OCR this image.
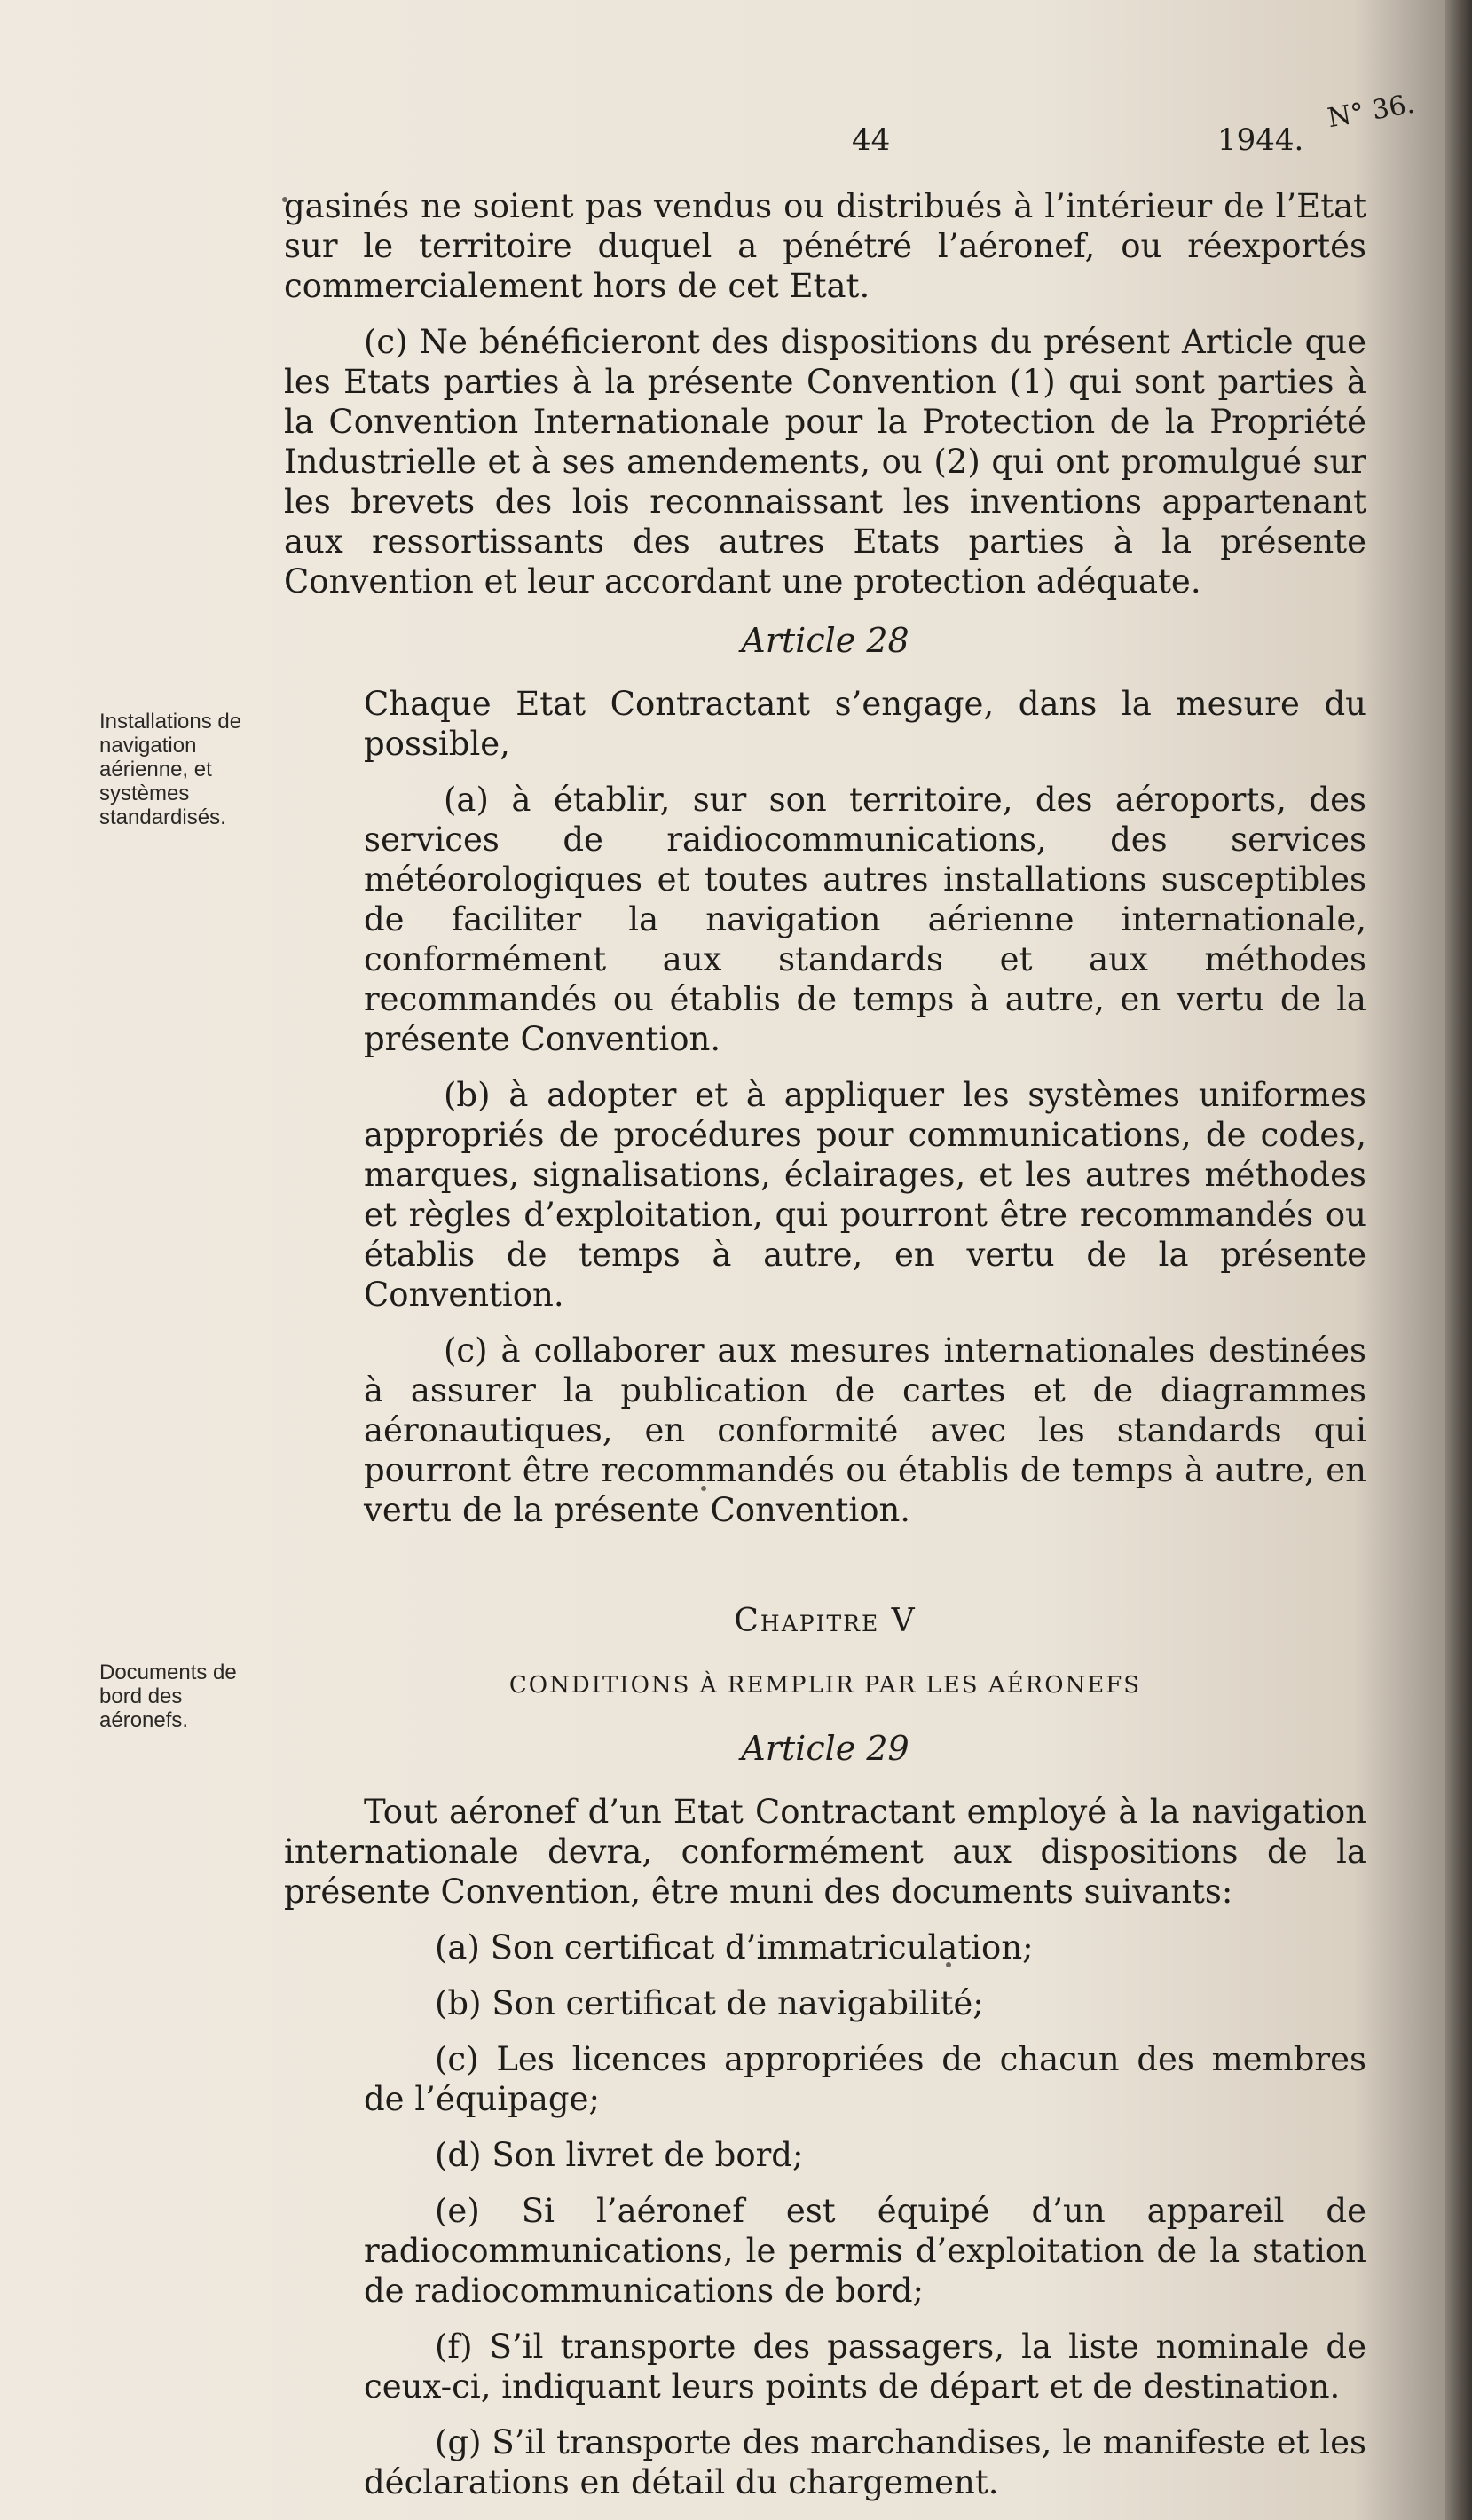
44	1944.
N° 36.
Installations de navigation aérienne, et systèmes standardisés.
Documents de bord des aéronefs.

gasinés ne soient pas vendus ou distribués à l’intérieur de l’Etat sur le territoire duquel a pénétré l’aéronef, ou réexportés commercialement hors de cet Etat.

(c) Ne bénéficieront des dispositions du présent Article que les Etats parties à la présente Convention (1) qui sont parties à la Convention Internationale pour la Protection de la Propriété Industrielle et à ses amendements, ou (2) qui ont promulgué sur les brevets des lois reconnaissant les inventions appartenant aux ressortissants des autres Etats parties à la présente Convention et leur accordant une protection adéquate.

Article 28

Chaque Etat Contractant s’engage, dans la mesure du possible,

(a) à établir, sur son territoire, des aéroports, des services de raidiocommunications, des services météorologiques et toutes autres installations susceptibles de faciliter la navigation aérienne internationale, conformément aux standards et aux méthodes recommandés ou établis de temps à autre, en vertu de la présente Convention.

(b) à adopter et à appliquer les systèmes uniformes appropriés de procédures pour communications, de codes, marques, signalisations, éclairages, et les autres méthodes et règles d’exploitation, qui pourront être recommandés ou établis de temps à autre, en vertu de la présente Convention.

(c) à collaborer aux mesures internationales destinées à assurer la publication de cartes et de diagrammes aéronautiques, en conformité avec les standards qui pourront être recommandés ou établis de temps à autre, en vertu de la présente Convention.

Chapitre V
CONDITIONS À REMPLIR PAR LES AÉRONEFS
Article 29

Tout aéronef d’un Etat Contractant employé à la navigation internationale devra, conformément aux dispositions de la présente Convention, être muni des documents suivants:

(a) Son certificat d’immatriculation;

(b) Son certificat de navigabilité;

(c) Les licences appropriées de chacun des membres de l’équipage;

(d) Son livret de bord;

(e) Si l’aéronef est équipé d’un appareil de radiocommunications, le permis d’exploitation de la station de radiocommunications de bord;

(f) S’il transporte des passagers, la liste nominale de ceux-ci, indiquant leurs points de départ et de destination.

(g) S’il transporte des marchandises, le manifeste et les déclarations en détail du chargement.
